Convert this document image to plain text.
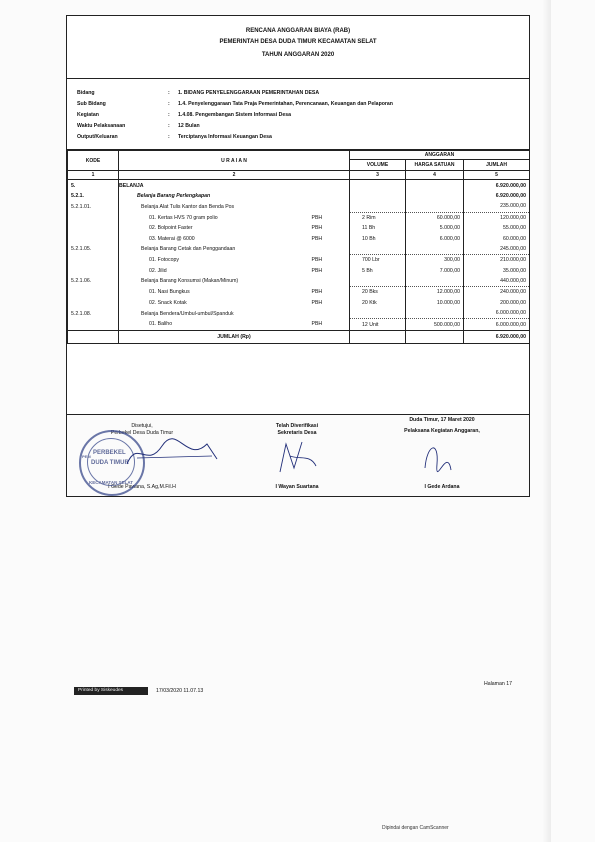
RENCANA ANGGARAN BIAYA (RAB)
PEMERINTAH DESA DUDA TIMUR KECAMATAN SELAT
TAHUN ANGGARAN 2020
Bidang	: 1. BIDANG PENYELENGGARAAN PEMERINTAHAN DESA
Sub Bidang	: 1.4. Penyelenggaraan Tata Praja Pemerintahan, Perencanaan, Keuangan dan Pelaporan
Kegiatan	: 1.4.08. Pengembangan Sistem Informasi Desa
Waktu Pelaksanaan	: 12 Bulan
Output/Keluaran	: Terciptanya Informasi Keuangan Desa
KODE	U R A I A N		ANGGARAN		
			VOLUME	HARGA SATUAN	JUMLAH
1	2		3	4	5
5.	BELANJA				6.920.000,00
5.2.1.	Belanja Barang Perlengkapan				6.920.000,00
5.2.1.01.	Belanja Alat Tulis Kantor dan Benda Pos				235.000,00
	01. Kertas HVS 70 gram polio	PBH	2 Rim	60.000,00	120.000,00
	02. Bolpoint Faster	PBH	11 Bh	5.000,00	55.000,00
	03. Materai @ 6000	PBH	10 Bh	6.000,00	60.000,00
5.2.1.05.	Belanja Barang Cetak dan Penggandaan				245.000,00
	01. Fotocopy	PBH	700 Lbr	300,00	210.000,00
	02. Jilid	PBH	5 Bh	7.000,00	35.000,00
5.2.1.06.	Belanja Barang Konsumsi (Makan/Minum)				440.000,00
	01. Nasi Bungkus	PBH	20 Bks	12.000,00	240.000,00
	02. Snack Kotak	PBH	20 Ktk	10.000,00	200.000,00
5.2.1.08.	Belanja Bendera/Umbul-umbul/Spanduk				6.000.000,00
	01. Baliho	PBH	12 Unit	500.000,00	6.000.000,00
	JUMLAH (Rp)				6.920.000,00
Disetujui,
Perbekel Desa Duda Timur
I Gede Pawana, S.Ag,M.Fil.H
PERBEKEL
DUDA TIMUR
KECAMATAN SELAT
PEM
Telah Diverifikasi
Sekretaris Desa
I Wayan Suartana
Duda Timur, 17 Maret 2020
Pelaksana Kegiatan Anggaran,
I Gede Ardana
Printed by Siskeudes	17/03/2020 11.07.13
Halaman 17
Dipindai dengan CamScanner
